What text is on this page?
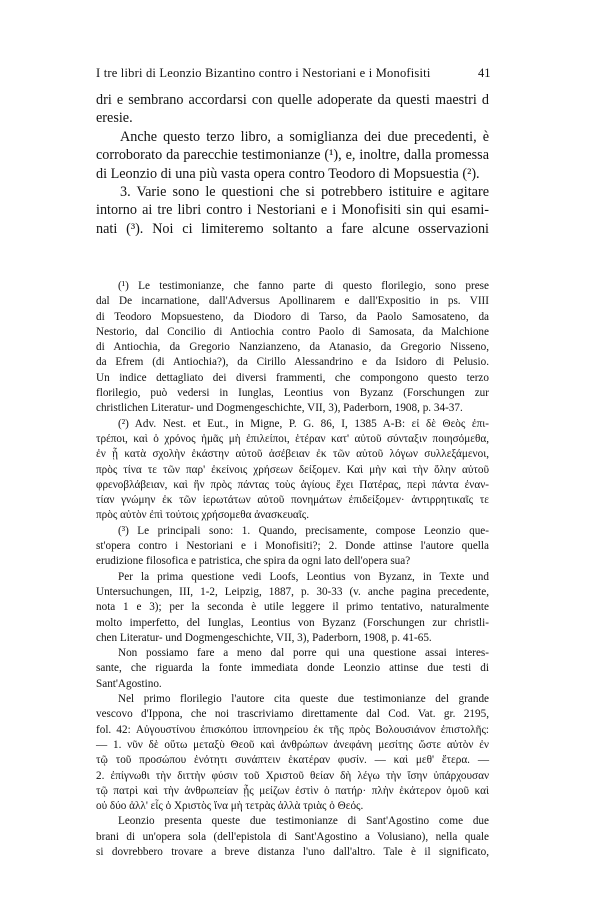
I tre libri di Leonzio Bizantino contro i Nestoriani e i Monofisiti	41
dri e sembrano accordarsi con quelle adoperate da questi maestri d
eresie.
Anche questo terzo libro, a somiglianza dei due precedenti, è
corroborato da parecchie testimonianze (¹), e, inoltre, dalla promessa
di Leonzio di una più vasta opera contro Teodoro di Mopsuestia (²).
3. Varie sono le questioni che si potrebbero istituire e agitare
intorno ai tre libri contro i Nestoriani e i Monofisiti sin qui esami-
nati (³). Noi ci limiteremo soltanto a fare alcune osservazioni
(¹) Le testimonianze, che fanno parte di questo florilegio, sono prese
dal De incarnatione, dall'Adversus Apollinarem e dall'Expositio in ps. VIII
di Teodoro Mopsuesteno, da Diodoro di Tarso, da Paolo Samosateno, da
Nestorio, dal Concilio di Antiochia contro Paolo di Samosata, da Malchione
di Antiochia, da Gregorio Nanzianzeno, da Atanasio, da Gregorio Nisseno,
da Efrem (di Antiochia?), da Cirillo Alessandrino e da Isidoro di Pelusio.
Un indice dettagliato dei diversi frammenti, che compongono questo terzo
florilegio, può vedersi in Iunglas, Leontius von Byzanz (Forschungen zur
christlichen Literatur- und Dogmengeschichte, VII, 3), Paderborn, 1908, p. 34-37.
(²) Adv. Nest. et Eut., in Migne, P. G. 86, I, 1385 A-B: εἰ δὲ Θεὸς ἐπι-
τρέποι, καὶ ὁ χρόνος ἡμᾶς μὴ ἐπιλείποι, ἑτέραν κατ' αὐτοῦ σύνταξιν ποιησόμεθα,
ἐν ᾗ κατὰ σχολὴν ἑκάστην αὐτοῦ ἀσέβειαν ἐκ τῶν αὐτοῦ λόγων συλλεξάμενοι,
πρὸς τίνα τε τῶν παρ' ἐκείνοις χρήσεων δείξομεν. Καὶ μὴν καὶ τὴν ὅλην αὐτοῦ
φρενοβλάβειαν, καὶ ἣν πρὸς πάντας τοὺς ἁγίους ἔχει Πατέρας, περὶ πάντα ἐναν-
τίαν γνώμην ἐκ τῶν ἱερωτάτων αὐτοῦ πονημάτων ἐπιδείξομεν· ἀντιρρητικαῖς τε
πρὸς αὐτὸν ἐπὶ τούτοις χρήσομεθα ἀνασκευαῖς.
(³) Le principali sono: 1. Quando, precisamente, compose Leonzio que-
st'opera contro i Nestoriani e i Monofisiti?; 2. Donde attinse l'autore quella
erudizione filosofica e patristica, che spira da ogni lato dell'opera sua?
Per la prima questione vedi Loofs, Leontius von Byzanz, in Texte und
Untersuchungen, III, 1-2, Leipzig, 1887, p. 30-33 (v. anche pagina precedente,
nota 1 e 3); per la seconda è utile leggere il primo tentativo, naturalmente
molto imperfetto, del Iunglas, Leontius von Byzanz (Forschungen zur christli-
chen Literatur- und Dogmengeschichte, VII, 3), Paderborn, 1908, p. 41-65.
Non possiamo fare a meno dal porre qui una questione assai interes-
sante, che riguarda la fonte immediata donde Leonzio attinse due testi di
Sant'Agostino.
Nel primo florilegio l'autore cita queste due testimonianze del grande
vescovo d'Ippona, che noi trascriviamo direttamente dal Cod. Vat. gr. 2195,
fol. 42: Αὐγουστίνου ἐπισκόπου ἱππονηρείου ἐκ τῆς πρὸς Βολουσιάνον ἐπιστολῆς:
— 1. νῦν δὲ οὕτω μεταξὺ Θεοῦ καὶ ἀνθρώπων ἀνεφάνη μεσίτης ὥστε αὐτὸν ἐν
τῷ τοῦ προσώπου ἑνότητι συνάπτειν ἑκατέραν φυσίν. — καὶ μεθ' ἕτερα. —
2. ἐπίγνωθι τὴν διττὴν φύσιν τοῦ Χριστοῦ θείαν δὴ λέγω τὴν ἴσην ὑπάρχουσαν
τῷ πατρὶ καὶ τὴν ἀνθρωπείαν ᾗς μείζων ἐστὶν ὁ πατήρ· πλὴν ἑκάτερον ὁμοῦ καὶ
οὐ δύο ἀλλ' εἷς ὁ Χριστὸς ἵνα μὴ τετρὰς ἀλλὰ τριὰς ὁ Θεός.
Leonzio presenta queste due testimonianze di Sant'Agostino come due
brani di un'opera sola (dell'epistola di Sant'Agostino a Volusiano), nella quale
si dovrebbero trovare a breve distanza l'uno dall'altro. Tale è il significato,
